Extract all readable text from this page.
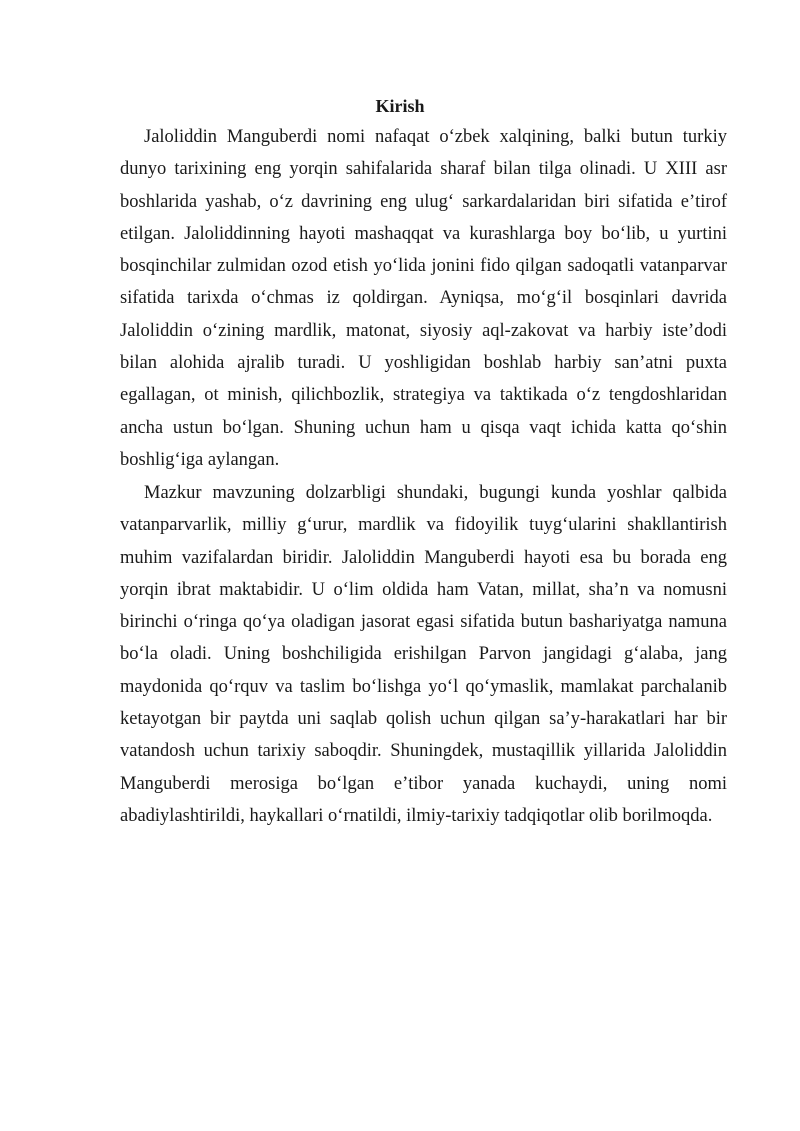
Kirish

Jaloliddin Manguberdi nomi nafaqat oʻzbek xalqining, balki butun turkiy dunyo tarixining eng yorqin sahifalarida sharaf bilan tilga olinadi. U XIII asr boshlarida yashab, oʻz davrining eng ulugʻ sarkardalaridan biri sifatida eʼtirof etilgan. Jaloliddinning hayoti mashaqqat va kurashlarga boy boʻlib, u yurtini bosqinchilar zulmidan ozod etish yoʻlida jonini fido qilgan sadoqatli vatanparvar sifatida tarixda oʻchmas iz qoldirgan. Ayniqsa, moʻgʻil bosqinlari davrida Jaloliddin oʻzining mardlik, matonat, siyosiy aql-zakovat va harbiy isteʼdodi bilan alohida ajralib turadi. U yoshligidan boshlab harbiy sanʼatni puxta egallagan, ot minish, qilichbozlik, strategiya va taktikada oʻz tengdoshlaridan ancha ustun boʻlgan. Shuning uchun ham u qisqa vaqt ichida katta qoʻshin boshligʻiga aylangan.

Mazkur mavzuning dolzarbligi shundaki, bugungi kunda yoshlar qalbida vatanparvarlik, milliy gʻurur, mardlik va fidoyilik tuygʻularini shakllantirish muhim vazifalardan biridir. Jaloliddin Manguberdi hayoti esa bu borada eng yorqin ibrat maktabidir. U oʻlim oldida ham Vatan, millat, shaʼn va nomusni birinchi oʻringa qoʻya oladigan jasorat egasi sifatida butun bashariyatga namuna boʻla oladi. Uning boshchiligida erishilgan Parvon jangidagi gʻalaba, jang maydonida qoʻrquv va taslim boʻlishga yoʻl qoʻymaslik, mamlakat parchalanib ketayotgan bir paytda uni saqlab qolish uchun qilgan saʼy-harakatlari har bir vatandosh uchun tarixiy saboqdir. Shuningdek, mustaqillik yillarida Jaloliddin Manguberdi merosiga boʻlgan eʼtibor yanada kuchaydi, uning nomi abadiylashtirildi, haykallari oʻrnatildi, ilmiy-tarixiy tadqiqotlar olib borilmoqda.
